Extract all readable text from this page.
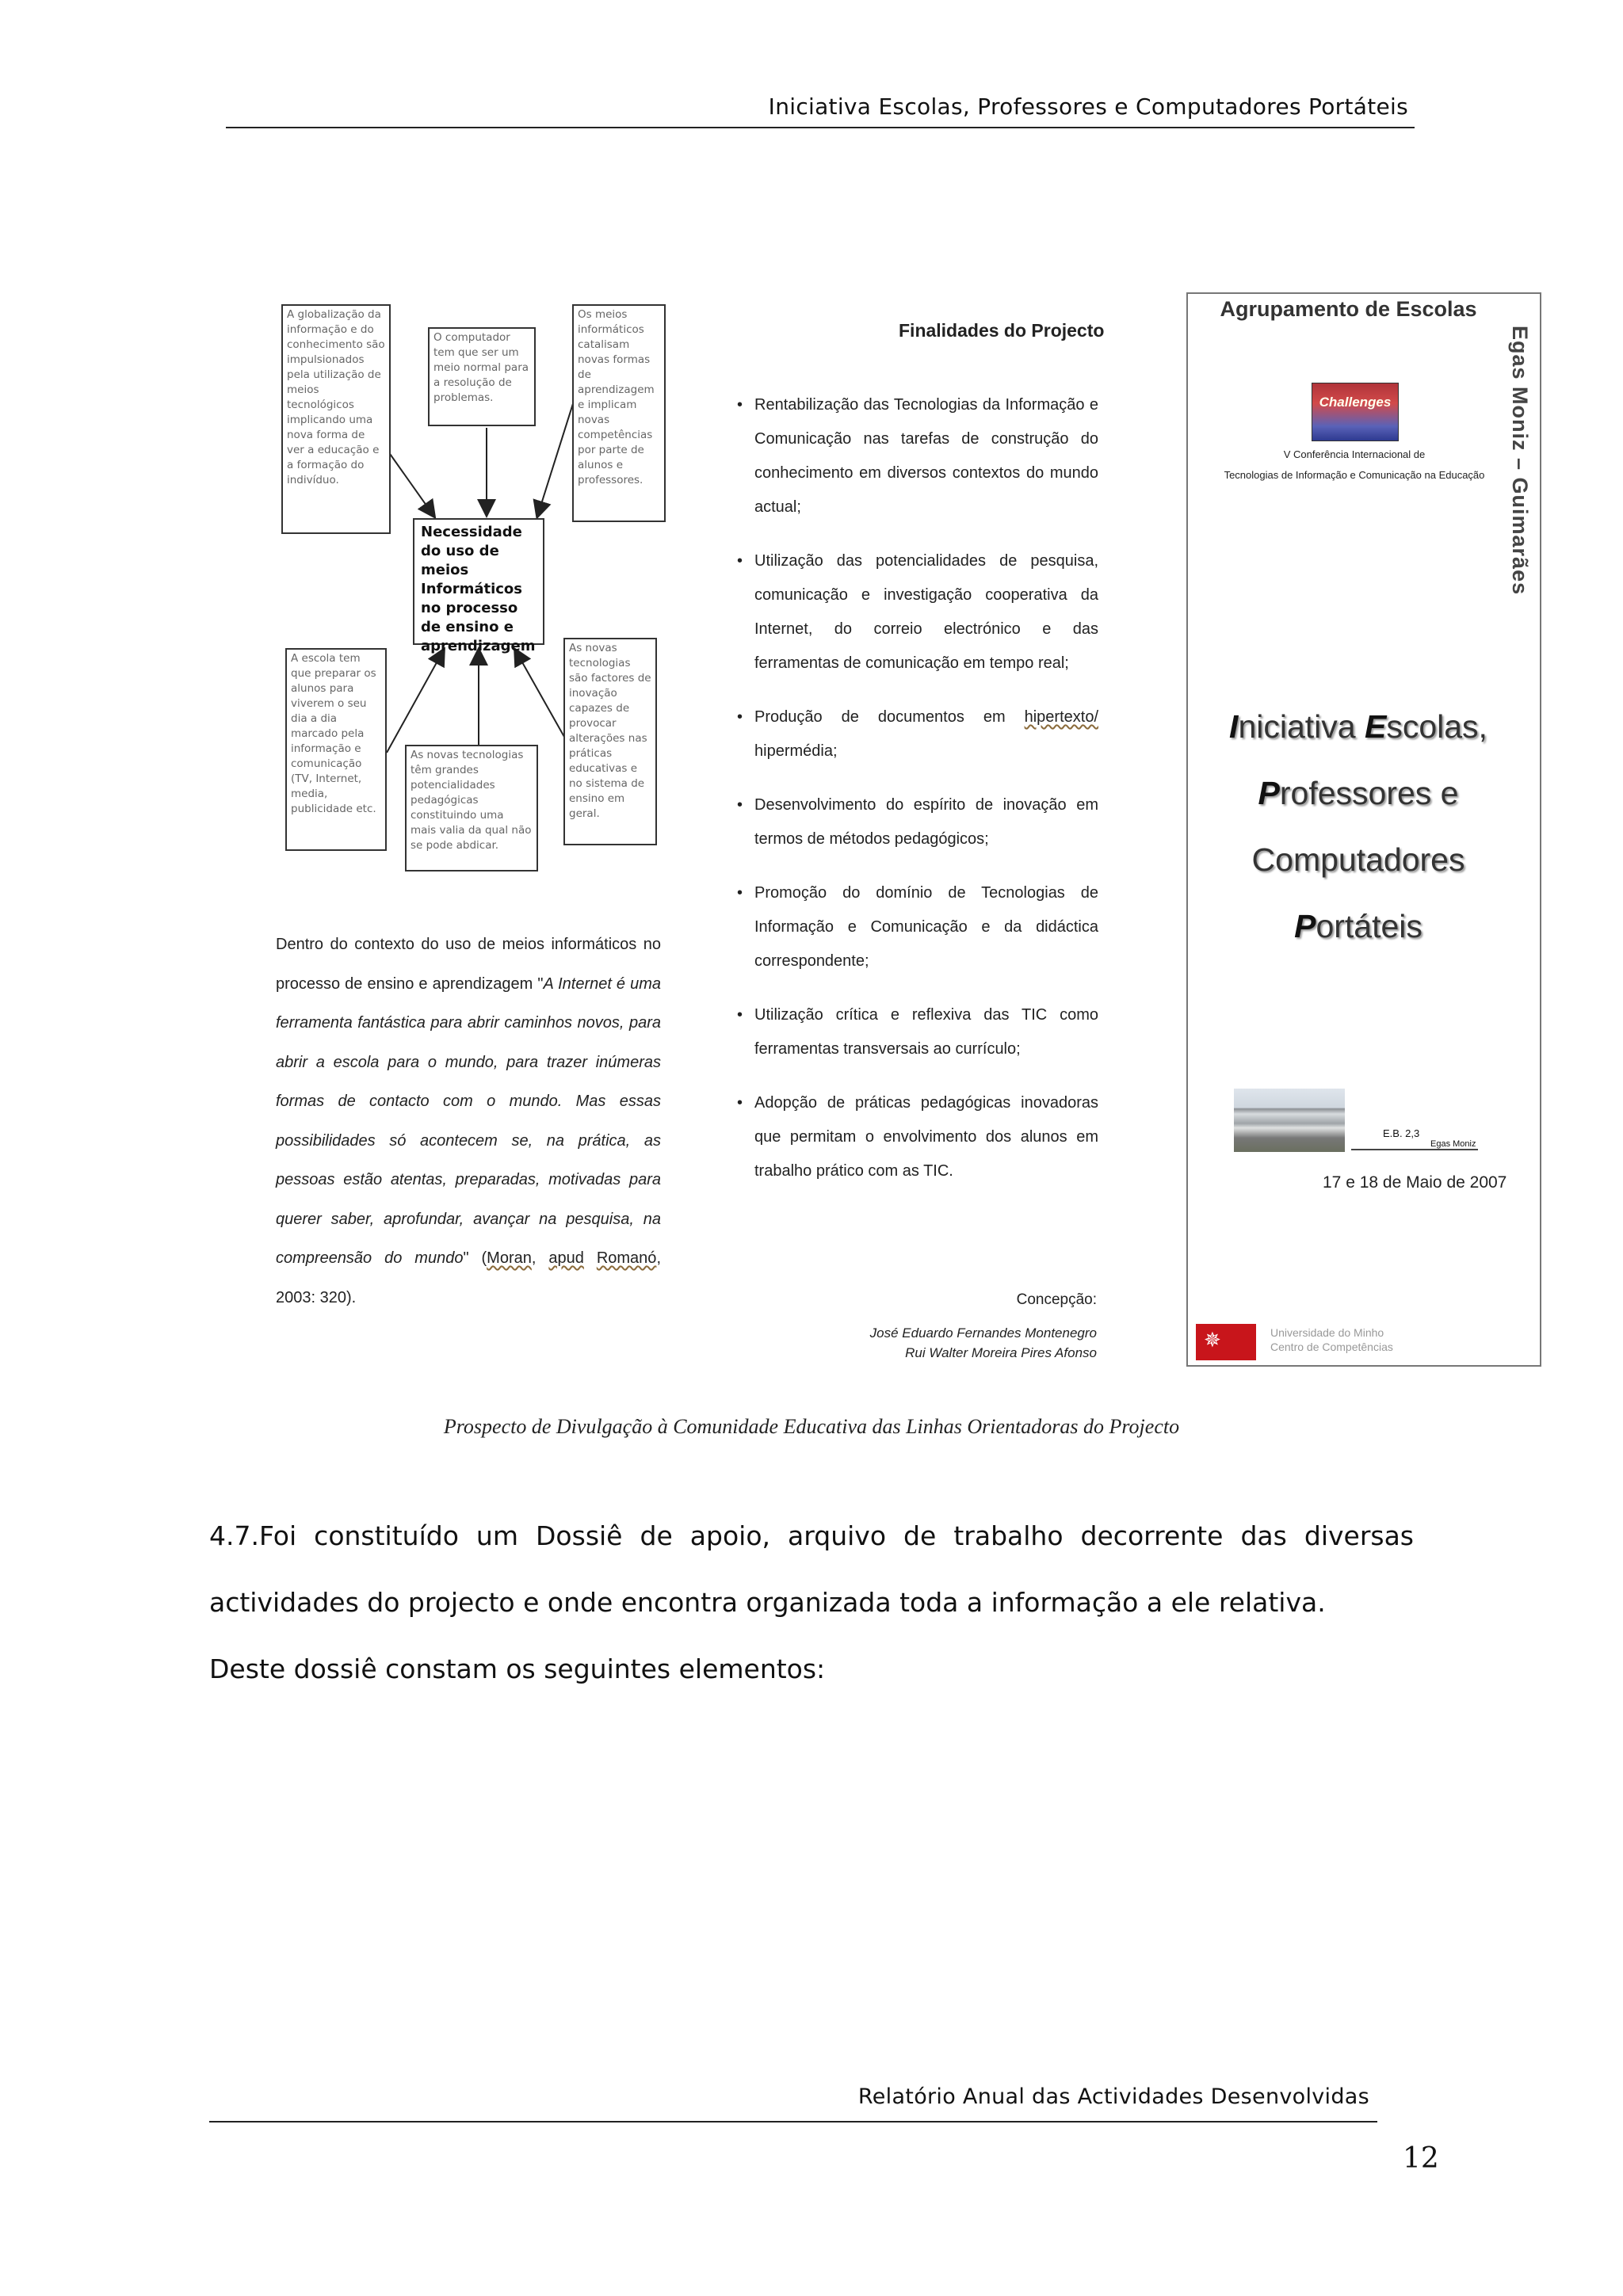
Iniciativa Escolas, Professores e Computadores Portáteis
A globalização da informação e do conhecimento são impulsionados pela utilização de meios tecnológicos implicando uma nova forma de ver a educação e a formação do indivíduo.
O computador tem que ser um meio normal para a resolução de problemas.
Os meios informáticos catalisam novas formas de aprendizagem e implicam novas competências por parte de alunos e professores.
Necessidade do uso de meios Informáticos no processo de ensino e aprendizagem
A escola tem que preparar os alunos para viverem o seu dia a dia marcado pela informação e comunicação (TV, Internet, media, publicidade etc.
As novas tecnologias têm grandes potencialidades pedagógicas constituindo uma mais valia da qual não se pode abdicar.
As novas tecnologias são factores de inovação capazes de provocar alterações nas práticas educativas e no sistema de ensino em geral.
Dentro do contexto do uso de meios informáticos no processo de ensino e aprendizagem "A Internet é uma ferramenta fantástica para abrir caminhos novos, para abrir a escola para o mundo, para trazer inúmeras formas de contacto com o mundo. Mas essas possibilidades só acontecem se, na prática, as pessoas estão atentas, preparadas, motivadas para querer saber, aprofundar, avançar na pesquisa, na compreensão do mundo" (Moran, apud Romanó, 2003: 320).
Finalidades do Projecto
• Rentabilização das Tecnologias da Informação e Comunicação nas tarefas de construção do conhecimento em diversos contextos do mundo actual;
• Utilização das potencialidades de pesquisa, comunicação e investigação cooperativa da Internet, do correio electrónico e das ferramentas de comunicação em tempo real;
• Produção de documentos em hipertexto/ hipermédia;
• Desenvolvimento do espírito de inovação em termos de métodos pedagógicos;
• Promoção do domínio de Tecnologias de Informação e Comunicação e da didáctica correspondente;
• Utilização crítica e reflexiva das TIC como ferramentas transversais ao currículo;
• Adopção de práticas pedagógicas inovadoras que permitam o envolvimento dos alunos em trabalho prático com as TIC.
Concepção:
José Eduardo Fernandes Montenegro
Rui Walter Moreira Pires Afonso
Agrupamento de Escolas
Egas Moniz – Guimarães
Challenges
V Conferência Internacional de
Tecnologias de Informação e Comunicação na Educação
Iniciativa Escolas,
Professores e
Computadores Portáteis
E.B. 2,3
Egas Moniz
17 e 18 de Maio de 2007
✵
Universidade do Minho
Centro de Competências
Prospecto de Divulgação à Comunidade Educativa das Linhas Orientadoras do Projecto
4.7.Foi constituído um Dossiê de apoio, arquivo de trabalho decorrente das diversas actividades do projecto e onde encontra organizada toda a informação a ele relativa.
Deste dossiê constam os seguintes elementos:
Relatório Anual das Actividades Desenvolvidas
12
